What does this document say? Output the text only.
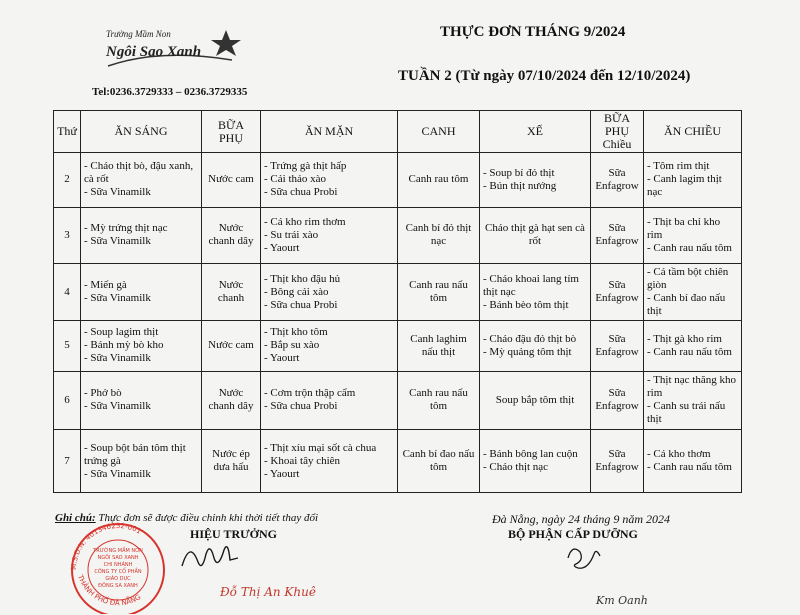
Trường Mầm Non
Ngôi Sao Xanh
Tel:0236.3729333 – 0236.3729335
THỰC ĐƠN THÁNG 9/2024
TUẦN 2 (Từ ngày 07/10/2024 đến 12/10/2024)
Thứ	ĂN SÁNG	BỮA PHỤ	ĂN MẶN	CANH	XẾ	BỮA PHỤ Chiều	ĂN CHIỀU
2	- Cháo thịt bò, đậu xanh, cà rốt
- Sữa Vinamilk	Nước cam	- Trứng gà thịt hấp
- Cải thảo xào
- Sữa chua Probi	Canh rau tôm	- Soup bí đỏ thịt
- Bún thịt nướng	Sữa Enfagrow	- Tôm rim thịt
- Canh lagim thịt nạc

3	- Mỳ trứng thịt nạc
- Sữa Vinamilk	Nước chanh dây	- Cá kho rim thơm
- Su trái xào
- Yaourt	Canh bí đỏ thịt nạc	Cháo thịt gà hạt sen cà rốt	Sữa Enfagrow	- Thịt ba chỉ kho rim
- Canh rau nấu tôm

4	- Miến gà
- Sữa Vinamilk	Nước chanh	- Thịt kho đậu hủ
- Bông cải xào
- Sữa chua Probi	Canh rau nấu tôm	- Cháo khoai lang tím thịt nạc
- Bánh bèo tôm thịt	Sữa Enfagrow	- Cá tầm bột chiên giòn
- Canh bí đao nấu thịt

5	- Soup lagim thịt
- Bánh mỳ bò kho
- Sữa Vinamilk	Nước cam	- Thịt kho tôm
- Bắp su xào
- Yaourt	Canh laghim nấu thịt	- Cháo đậu đỏ thịt bò
- Mỳ quảng tôm thịt	Sữa Enfagrow	- Thịt gà kho rim
- Canh rau nấu tôm

6	- Phở bò
- Sữa Vinamilk	Nước chanh dây	- Cơm trộn thập cẩm
- Sữa chua Probi	Canh rau nấu tôm	Soup bắp tôm thịt	Sữa Enfagrow	- Thịt nạc thăng kho rim
- Canh su trái nấu thịt

7	- Soup bột bán tôm thịt trứng gà
- Sữa Vinamilk	Nước ép dưa hấu	- Thịt xíu mại sốt cà chua
- Khoai tây chiên
- Yaourt	Canh bí đao nấu tôm	- Bánh bông lan cuộn
- Cháo thịt nạc	Sữa Enfagrow	- Cá kho thơm
- Canh rau nấu tôm
Ghi chú: Thực đơn sẽ được điều chỉnh khi thời tiết thay đổi
HIỆU TRƯỞNG
Đà Nẵng, ngày 24 tháng 9 năm 2024
BỘ PHẬN CẤP DƯỠNG
M.S.D.N: 401346252-001
THÀNH PHỐ ĐÀ NẴNG
TRƯỜNG MẦM NON
NGÔI SAO XANH
CHI NHÁNH
CÔNG TY CỔ PHẦN
GIÁO DỤC
ĐÔNG SA XANH	Đỗ Thị An Khuê
Km Oanh
